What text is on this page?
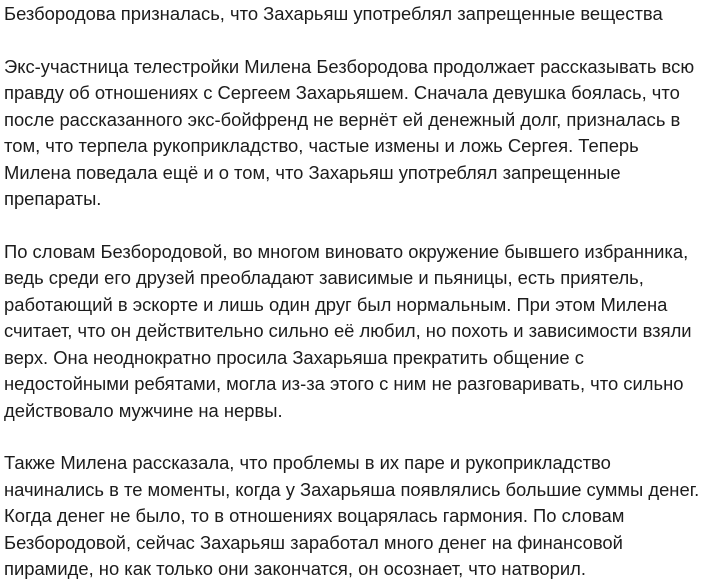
Безбородова призналась, что Захарьяш употреблял запрещенные вещества

Экс-участница телестройки Милена Безбородова продолжает рассказывать всю правду об отношениях с Сергеем Захарьяшем. Сначала девушка боялась, что после рассказанного экс-бойфренд не вернёт ей денежный долг, призналась в том, что терпела рукоприкладство, частые измены и ложь Сергея. Теперь Милена поведала ещё и о том, что Захарьяш употреблял запрещенные препараты.

По словам Безбородовой, во многом виновато окружение бывшего избранника, ведь среди его друзей преобладают зависимые и пьяницы, есть приятель, работающий в эскорте и лишь один друг был нормальным. При этом Милена считает, что он действительно сильно её любил, но похоть и зависимости взяли верх. Она неоднократно просила Захарьяша прекратить общение с недостойными ребятами, могла из-за этого с ним не разговаривать, что сильно действовало мужчине на нервы.

Также Милена рассказала, что проблемы в их паре и рукоприкладство начинались в те моменты, когда у Захарьяша появлялись большие суммы денег. Когда денег не было, то в отношениях воцарялась гармония. По словам Безбородовой, сейчас Захарьяш заработал много денег на финансовой пирамиде, но как только они закончатся, он осознает, что натворил.
